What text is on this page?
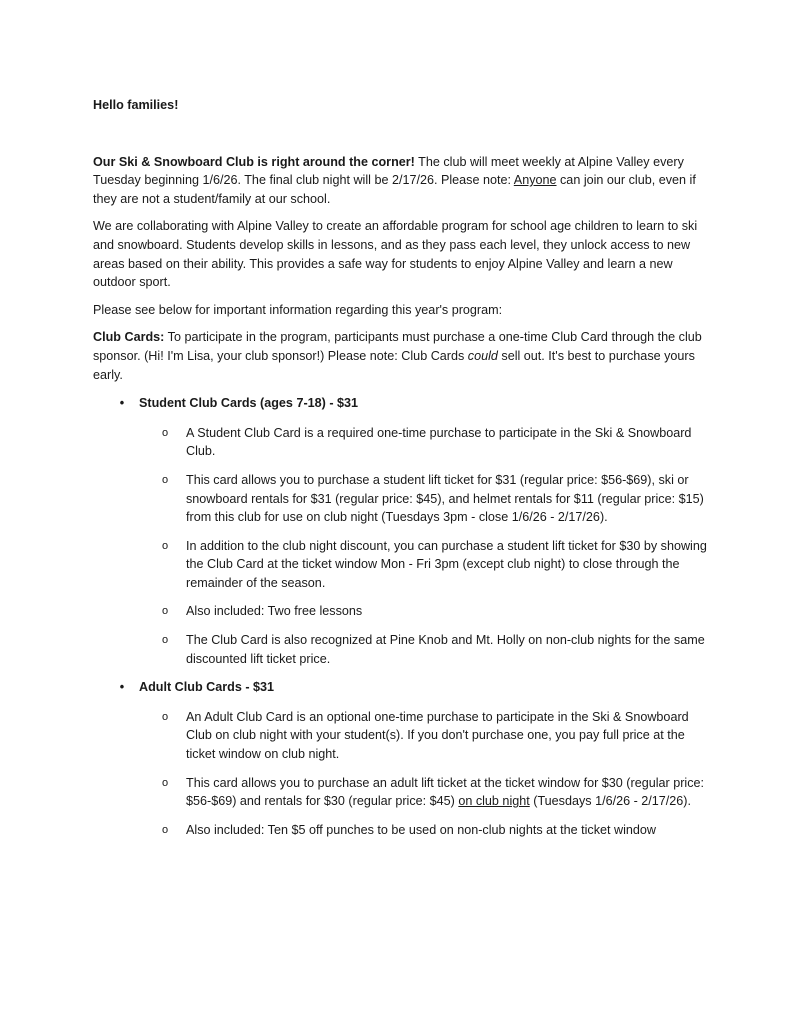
Hello families!

Our Ski & Snowboard Club is right around the corner! The club will meet weekly at Alpine Valley every Tuesday beginning 1/6/26. The final club night will be 2/17/26. Please note: Anyone can join our club, even if they are not a student/family at our school.

We are collaborating with Alpine Valley to create an affordable program for school age children to learn to ski and snowboard. Students develop skills in lessons, and as they pass each level, they unlock access to new areas based on their ability. This provides a safe way for students to enjoy Alpine Valley and learn a new outdoor sport.

Please see below for important information regarding this year's program:

Club Cards: To participate in the program, participants must purchase a one-time Club Card through the club sponsor. (Hi! I'm Lisa, your club sponsor!) Please note: Club Cards could sell out. It's best to purchase yours early.

•	Student Club Cards (ages 7-18) - $31
o A Student Club Card is a required one-time purchase to participate in the Ski & Snowboard Club.
o This card allows you to purchase a student lift ticket for $31 (regular price: $56-$69), ski or snowboard rentals for $31 (regular price: $45), and helmet rentals for $11 (regular price: $15) from this club for use on club night (Tuesdays 3pm - close 1/6/26 - 2/17/26).
o In addition to the club night discount, you can purchase a student lift ticket for $30 by showing the Club Card at the ticket window Mon - Fri 3pm (except club night) to close through the remainder of the season.
o Also included: Two free lessons
o The Club Card is also recognized at Pine Knob and Mt. Holly on non-club nights for the same discounted lift ticket price.
•	Adult Club Cards - $31
o An Adult Club Card is an optional one-time purchase to participate in the Ski & Snowboard Club on club night with your student(s). If you don't purchase one, you pay full price at the ticket window on club night.
o This card allows you to purchase an adult lift ticket at the ticket window for $30 (regular price: $56-$69) and rentals for $30 (regular price: $45) on club night (Tuesdays 1/6/26 - 2/17/26).
o Also included: Ten $5 off punches to be used on non-club nights at the ticket window
